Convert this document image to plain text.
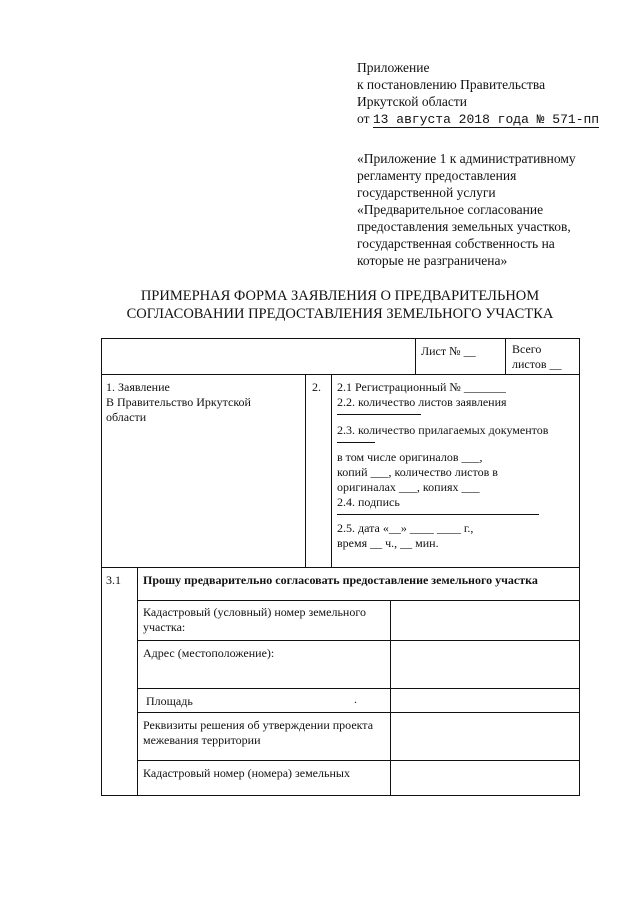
Приложение
к постановлению Правительства
Иркутской области
от 13 августа 2018 года № 571-пп
«Приложение 1 к административному
регламенту предоставления
государственной услуги
«Предварительное согласование
предоставления земельных участков,
государственная собственность на
которые не разграничена»
ПРИМЕРНАЯ ФОРМА ЗАЯВЛЕНИЯ О ПРЕДВАРИТЕЛЬНОМ
СОГЛАСОВАНИИ ПРЕДОСТАВЛЕНИЯ ЗЕМЕЛЬНОГО УЧАСТКА
Лист № __	Всего
листов __
1. Заявление
В Правительство Иркутской
области
2. 2.1 Регистрационный № _______
2.2. количество листов заявления
2.3. количество прилагаемых документов
в том числе оригиналов ___,
копий ___, количество листов в
оригиналах ___, копиях ___
2.4. подпись
2.5. дата «__» ____ ____ г.,
время __ ч., __ мин.
3.1 Прошу предварительно согласовать предоставление земельного участка
Кадастровый (условный) номер земельного участка:
Адрес (местоположение):
Площадь	.
Реквизиты решения об утверждении проекта межевания территории
Кадастровый номер (номера) земельных
